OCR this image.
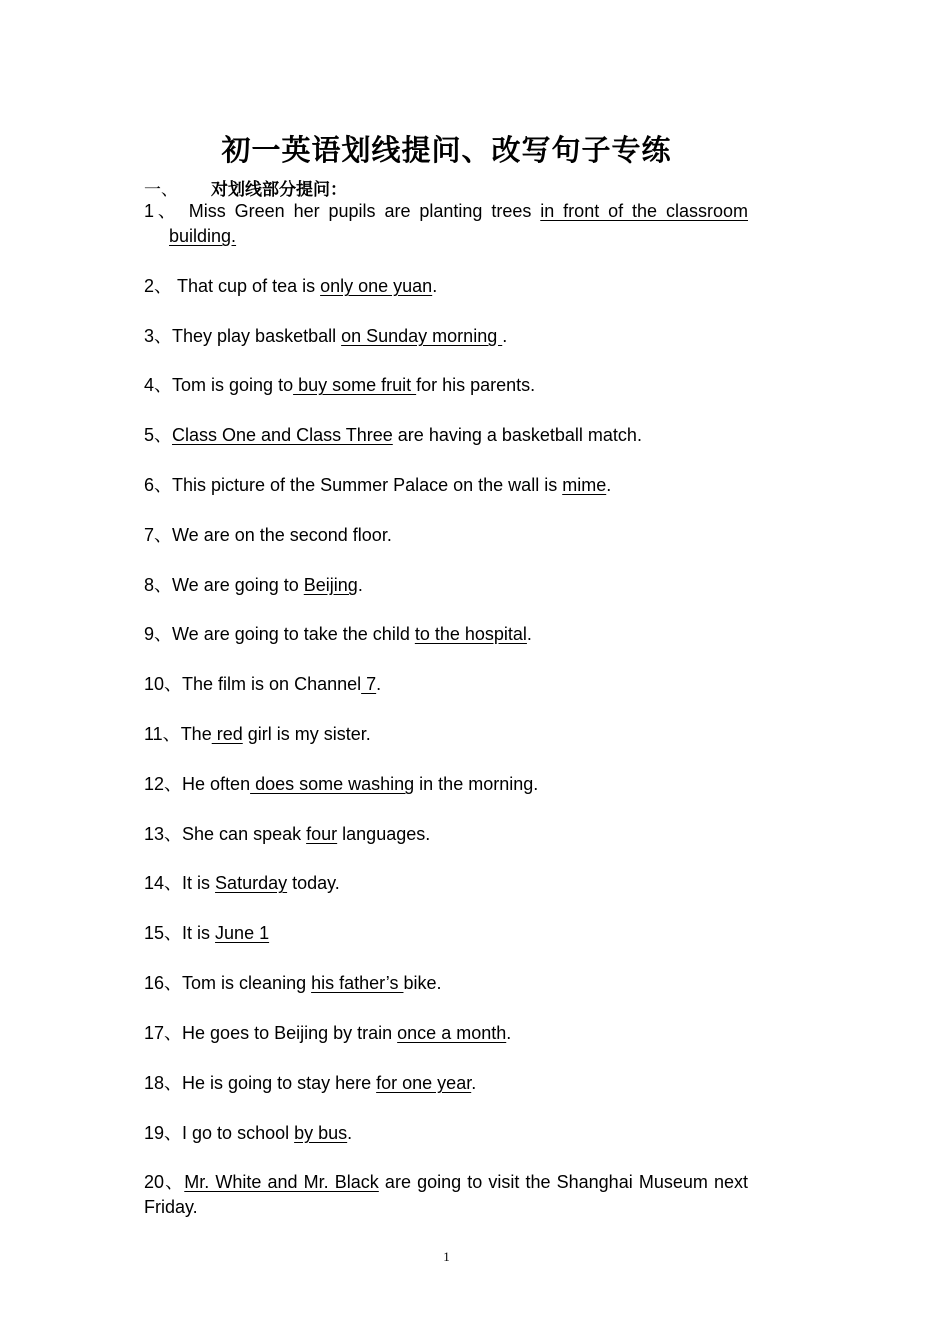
初一英语划线提问、改写句子专练
一、 对划线部分提问：
1、 Miss Green her pupils are planting trees in front of the classroom building.
2、 That cup of tea is only one yuan.
3、They play basketball on Sunday morning .
4、Tom is going to buy some fruit for his parents.
5、Class One and Class Three are having a basketball match.
6、This picture of the Summer Palace on the wall is mime.
7、We are on the second floor.
8、We are going to Beijing.
9、We are going to take the child to the hospital.
10、The film is on Channel 7.
11、The red girl is my sister.
12、He often does some washing in the morning.
13、She can speak four languages.
14、It is Saturday today.
15、It is June 1
16、Tom is cleaning his father’s bike.
17、He goes to Beijing by train once a month.
18、He is going to stay here for one year.
19、I go to school by bus.
20、Mr. White and Mr. Black are going to visit the Shanghai Museum next Friday.
1
